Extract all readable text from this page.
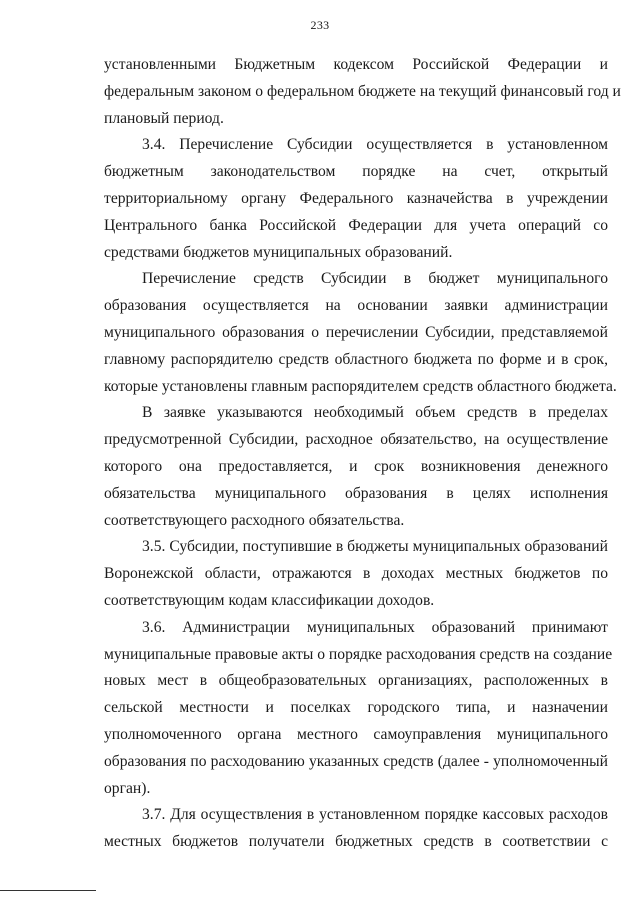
233
установленными Бюджетным кодексом Российской Федерации и
федеральным законом о федеральном бюджете на текущий финансовый год и
плановый период.
3.4. Перечисление Субсидии осуществляется в установленном
бюджетным законодательством порядке на счет, открытый
территориальному органу Федерального казначейства в учреждении
Центрального банка Российской Федерации для учета операций со
средствами бюджетов муниципальных образований.
Перечисление средств Субсидии в бюджет муниципального
образования осуществляется на основании заявки администрации
муниципального образования о перечислении Субсидии, представляемой
главному распорядителю средств областного бюджета по форме и в срок,
которые установлены главным распорядителем средств областного бюджета.
В заявке указываются необходимый объем средств в пределах
предусмотренной Субсидии, расходное обязательство, на осуществление
которого она предоставляется, и срок возникновения денежного
обязательства муниципального образования в целях исполнения
соответствующего расходного обязательства.
3.5. Субсидии, поступившие в бюджеты муниципальных образований
Воронежской области, отражаются в доходах местных бюджетов по
соответствующим кодам классификации доходов.
3.6. Администрации муниципальных образований принимают
муниципальные правовые акты о порядке расходования средств на создание
новых мест в общеобразовательных организациях, расположенных в
сельской местности и поселках городского типа, и назначении
уполномоченного органа местного самоуправления муниципального
образования по расходованию указанных средств (далее - уполномоченный
орган).
3.7. Для осуществления в установленном порядке кассовых расходов
местных бюджетов получатели бюджетных средств в соответствии с
